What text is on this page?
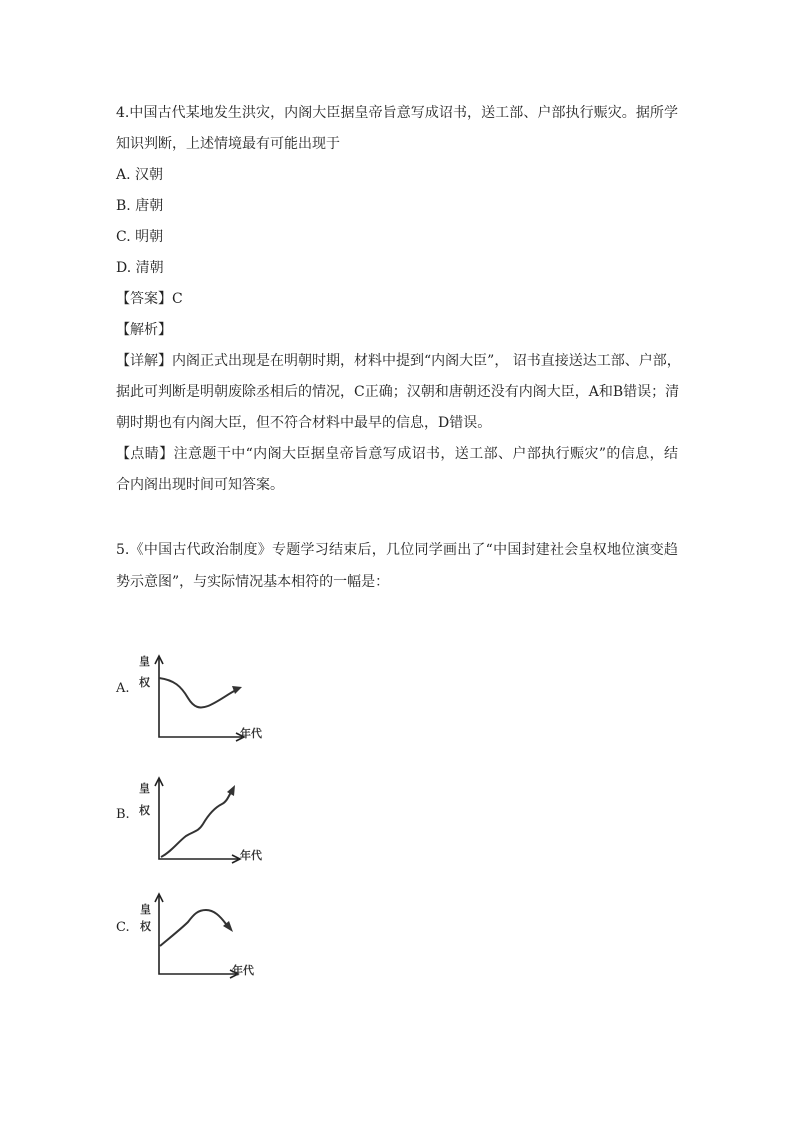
4.中国古代某地发生洪灾，内阁大臣据皇帝旨意写成诏书，送工部、户部执行赈灾。据所学
知识判断，上述情境最有可能出现于
A. 汉朝
B. 唐朝
C. 明朝
D. 清朝
【答案】C
【解析】
【详解】内阁正式出现是在明朝时期，材料中提到“内阁大臣”， 诏书直接送达工部、户部，
据此可判断是明朝废除丞相后的情况，C正确；汉朝和唐朝还没有内阁大臣，A和B错误；清
朝时期也有内阁大臣，但不符合材料中最早的信息，D错误。
【点睛】注意题干中“内阁大臣据皇帝旨意写成诏书，送工部、户部执行赈灾”的信息，结
合内阁出现时间可知答案。
5.《中国古代政治制度》专题学习结束后，几位同学画出了“中国封建社会皇权地位演变趋
势示意图”，与实际情况基本相符的一幅是：
A.
皇
权
年代
B.
皇
权
年代
C.
皇
权
年代
